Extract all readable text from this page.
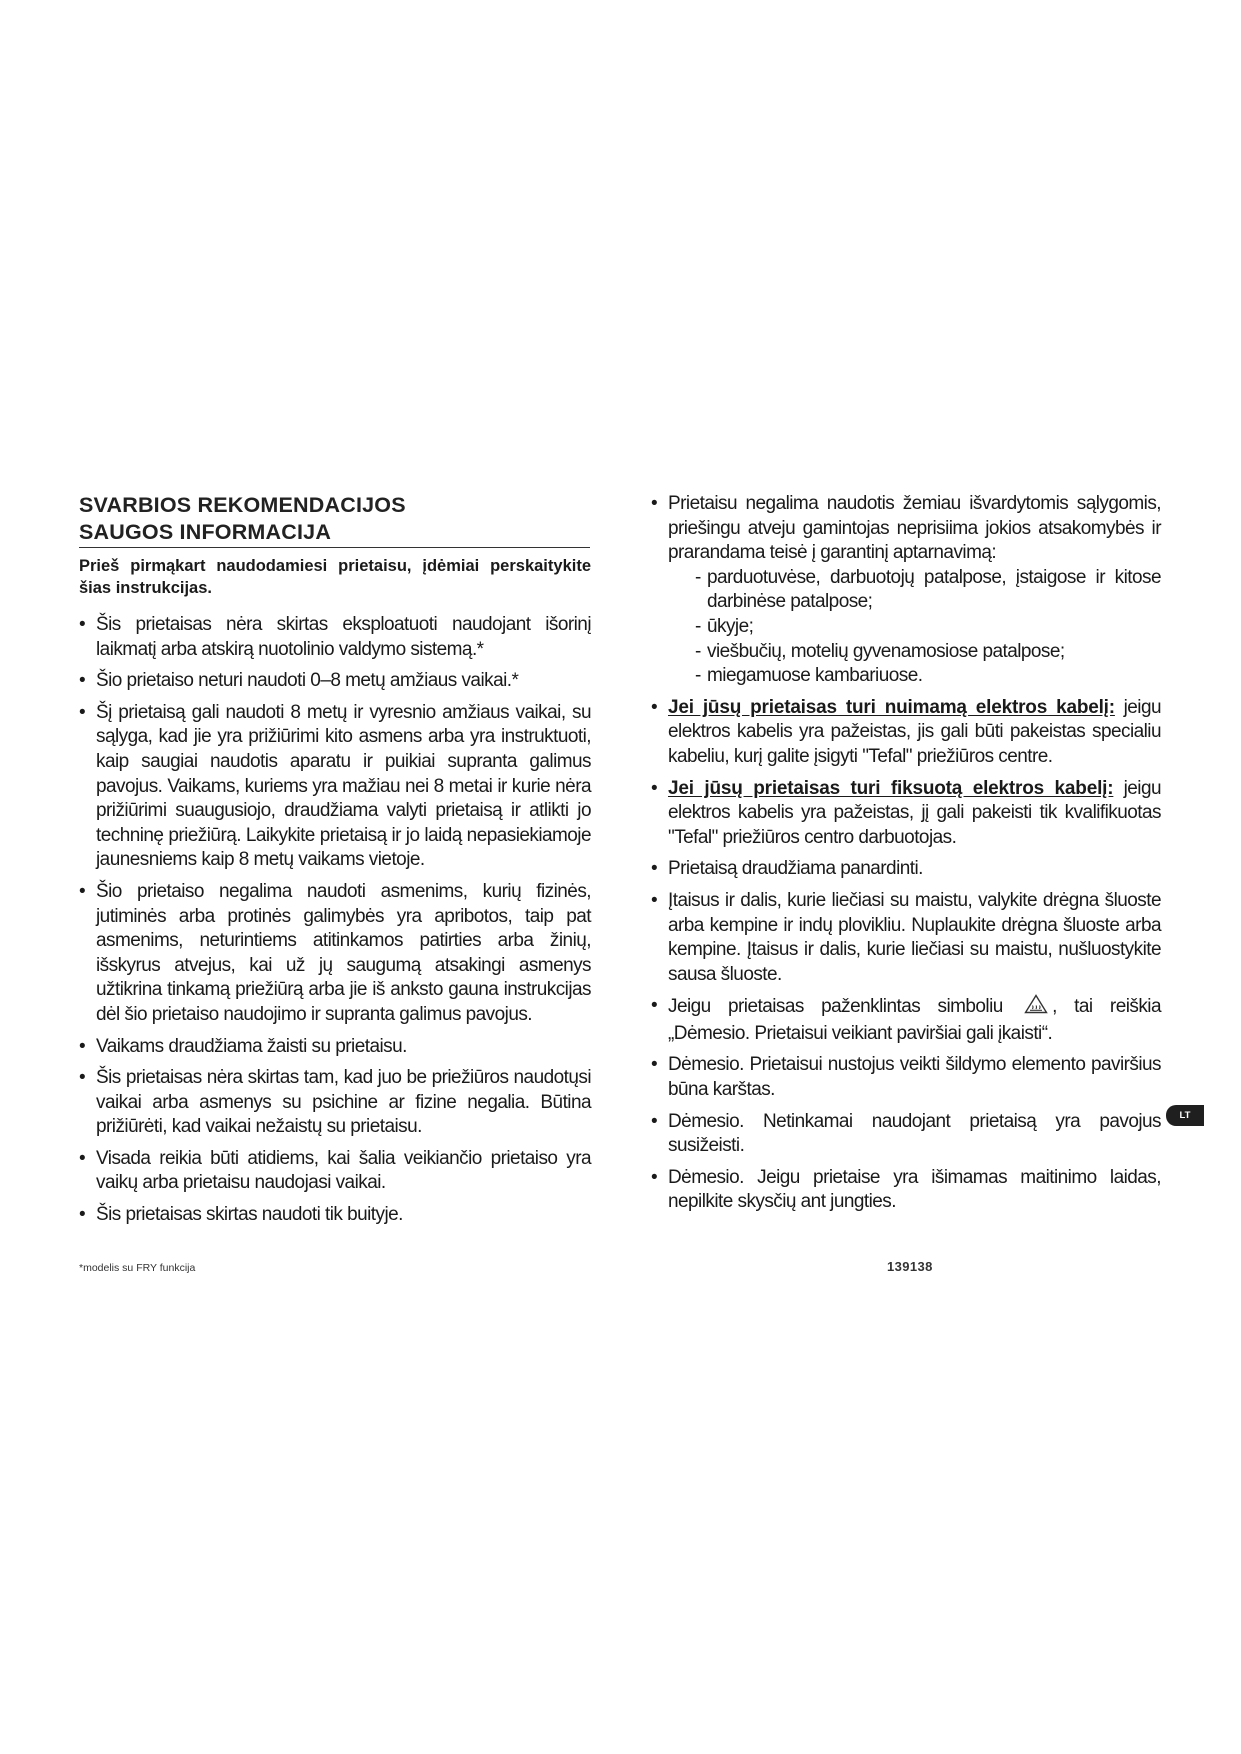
SVARBIOS REKOMENDACIJOS
SAUGOS INFORMACIJA
Prieš pirmąkart naudodamiesi prietaisu, įdėmiai perskaitykite šias instrukcijas.
• Šis prietaisas nėra skirtas eksploatuoti naudojant išorinį laikmatį arba atskirą nuotolinio valdymo sistemą.*
• Šio prietaiso neturi naudoti 0–8 metų amžiaus vaikai.*
• Šį prietaisą gali naudoti 8 metų ir vyresnio amžiaus vaikai, su sąlyga, kad jie yra prižiūrimi kito asmens arba yra instruktuoti, kaip saugiai naudotis aparatu ir puikiai supranta galimus pavojus. Vaikams, kuriems yra mažiau nei 8 metai ir kurie nėra prižiūrimi suaugusiojo, draudžiama valyti prietaisą ir atlikti jo techninę priežiūrą. Laikykite prietaisą ir jo laidą nepasiekiamoje jaunesniems kaip 8 metų vaikams vietoje.
• Šio prietaiso negalima naudoti asmenims, kurių fizinės, jutiminės arba protinės galimybės yra apribotos, taip pat asmenims, neturintiems atitinkamos patirties arba žinių, išskyrus atvejus, kai už jų saugumą atsakingi asmenys užtikrina tinkamą priežiūrą arba jie iš anksto gauna instrukcijas dėl šio prietaiso naudojimo ir supranta galimus pavojus.
• Vaikams draudžiama žaisti su prietaisu.
• Šis prietaisas nėra skirtas tam, kad juo be priežiūros naudotųsi vaikai arba asmenys su psichine ar fizine negalia. Būtina prižiūrėti, kad vaikai nežaistų su prietaisu.
• Visada reikia būti atidiems, kai šalia veikiančio prietaiso yra vaikų arba prietaisu naudojasi vaikai.
• Šis prietaisas skirtas naudoti tik buityje.
• Prietaisu negalima naudotis žemiau išvardytomis sąlygomis, priešingu atveju gamintojas neprisiima jokios atsakomybės ir prarandama teisė į garantinį aptarnavimą:
- parduotuvėse, darbuotojų patalpose, įstaigose ir kitose darbinėse patalpose;
- ūkyje;
- viešbučių, motelių gyvenamosiose patalpose;
- miegamuose kambariuose.
• Jei jūsų prietaisas turi nuimamą elektros kabelį: jeigu elektros kabelis yra pažeistas, jis gali būti pakeistas specialiu kabeliu, kurį galite įsigyti "Tefal" priežiūros centre.
• Jei jūsų prietaisas turi fiksuotą elektros kabelį: jeigu elektros kabelis yra pažeistas, jį gali pakeisti tik kvalifikuotas "Tefal" priežiūros centro darbuotojas.
• Prietaisą draudžiama panardinti.
• Įtaisus ir dalis, kurie liečiasi su maistu, valykite drėgna šluoste arba kempine ir indų plovikliu. Nuplaukite drėgna šluoste arba kempine. Įtaisus ir dalis, kurie liečiasi su maistu, nušluostykite sausa šluoste.
• Jeigu prietaisas paženklintas simboliu	, tai reiškia „Dėmesio. Prietaisui veikiant paviršiai gali įkaisti“.
• Dėmesio. Prietaisui nustojus veikti šildymo elemento paviršius būna karštas.
• Dėmesio. Netinkamai naudojant prietaisą yra pavojus susižeisti.
• Dėmesio. Jeigu prietaise yra išimamas maitinimo laidas, nepilkite skysčių ant jungties.
*modelis su FRY funkcija	139138
LT
